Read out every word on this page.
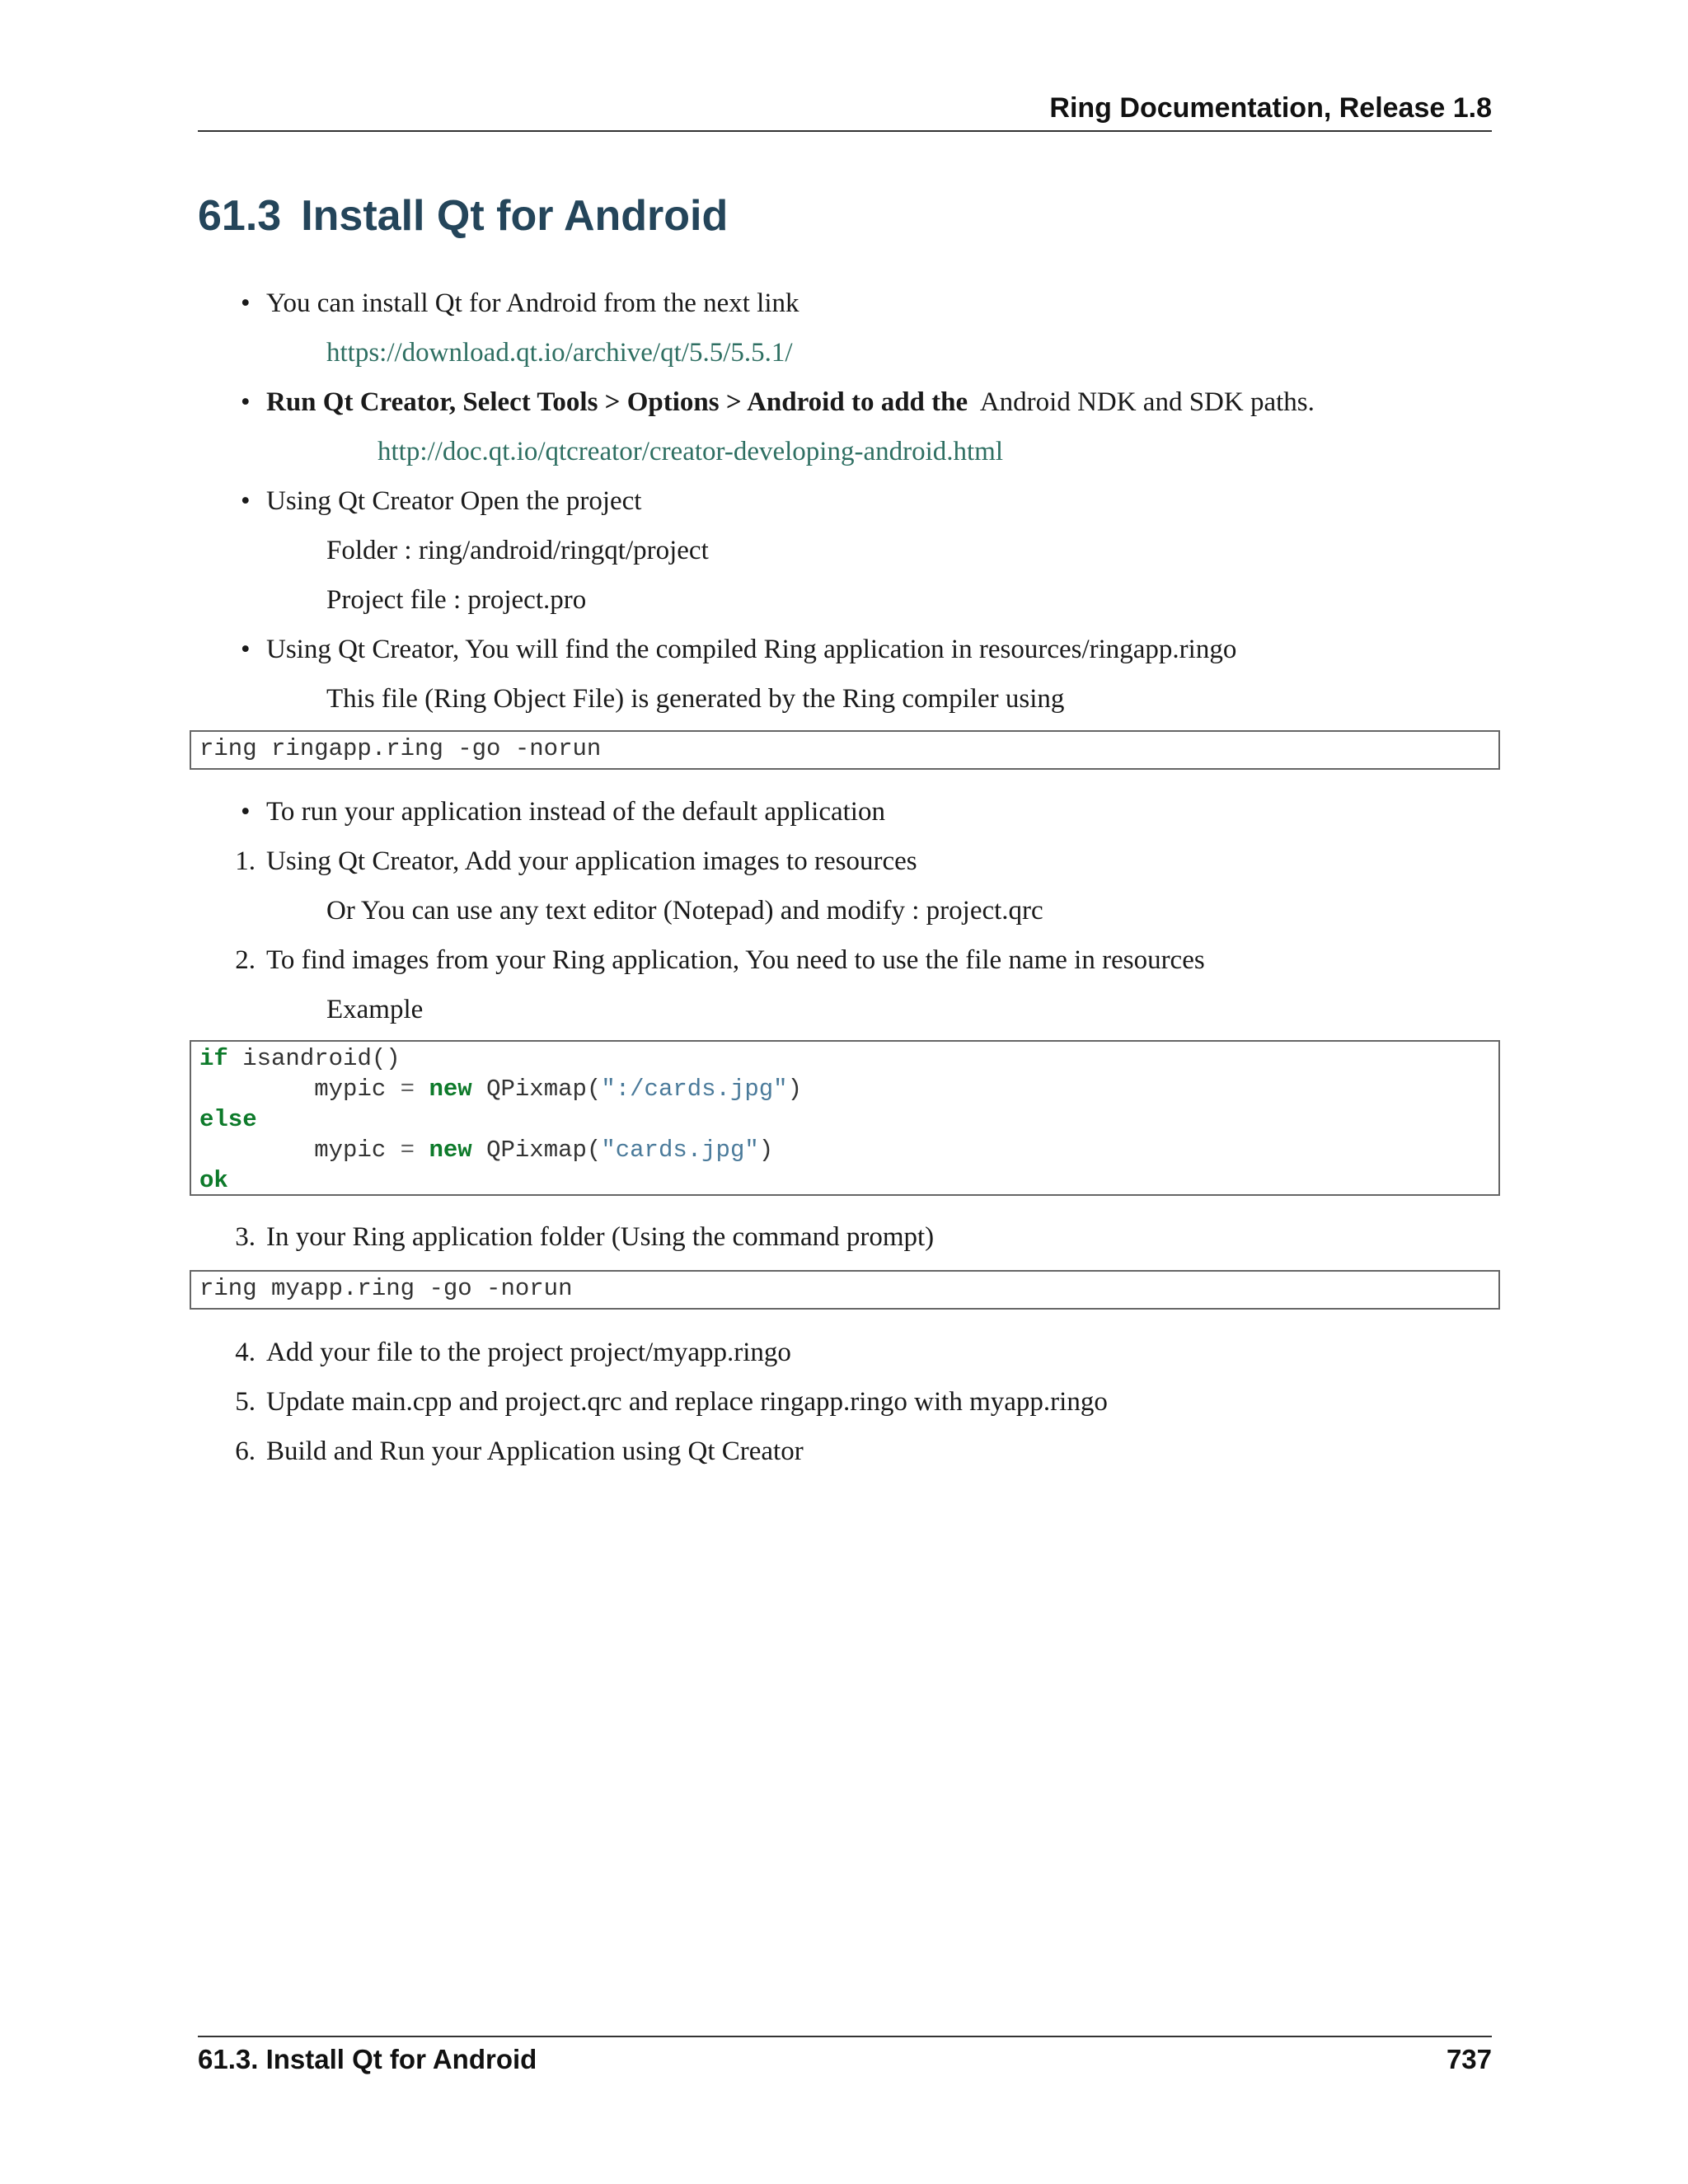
Ring Documentation, Release 1.8
61.3 Install Qt for Android
• You can install Qt for Android from the next link
https://download.qt.io/archive/qt/5.5/5.5.1/
• Run Qt Creator, Select Tools > Options > Android to add the Android NDK and SDK paths.
http://doc.qt.io/qtcreator/creator-developing-android.html
• Using Qt Creator Open the project
Folder : ring/android/ringqt/project
Project file : project.pro
• Using Qt Creator, You will find the compiled Ring application in resources/ringapp.ringo
This file (Ring Object File) is generated by the Ring compiler using
ring ringapp.ring -go -norun
• To run your application instead of the default application
1. Using Qt Creator, Add your application images to resources
Or You can use any text editor (Notepad) and modify : project.qrc
2. To find images from your Ring application, You need to use the file name in resources
Example
if isandroid()
mypic = new QPixmap(":/cards.jpg")
else
mypic = new QPixmap("cards.jpg")
ok
3. In your Ring application folder (Using the command prompt)
ring myapp.ring -go -norun
4. Add your file to the project project/myapp.ringo
5. Update main.cpp and project.qrc and replace ringapp.ringo with myapp.ringo
6. Build and Run your Application using Qt Creator
61.3. Install Qt for Android	737
